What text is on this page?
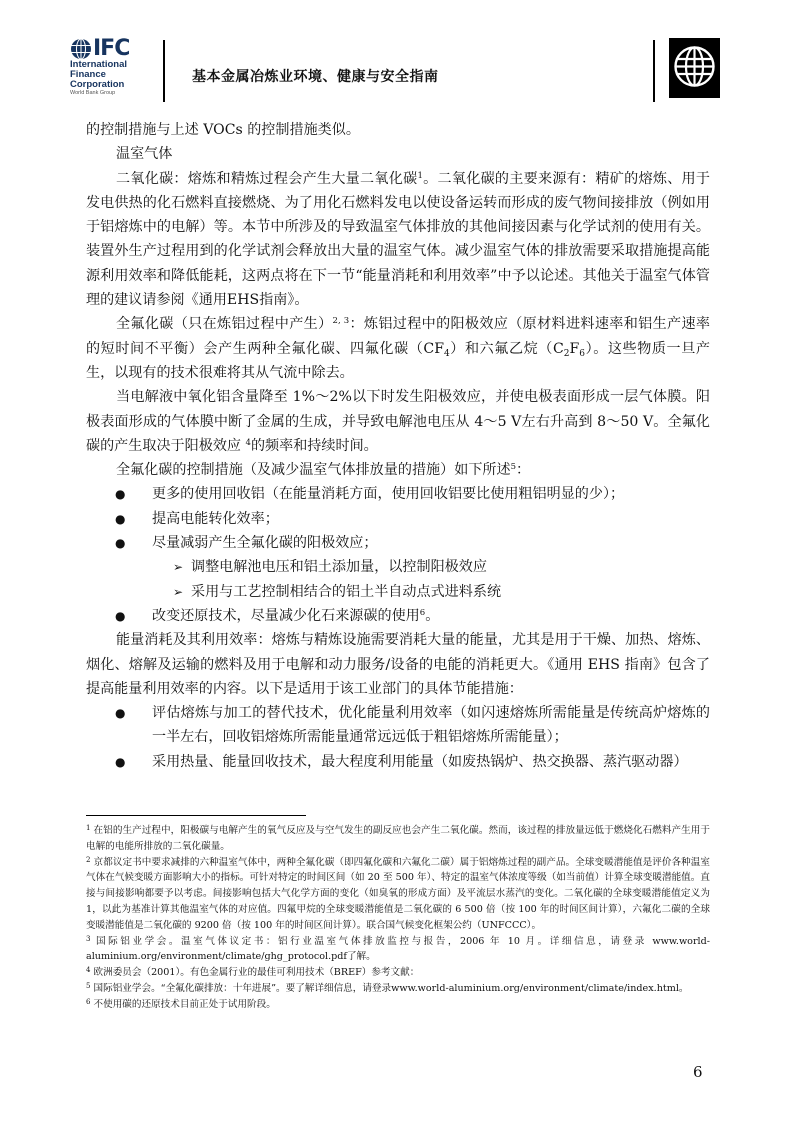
IFC
International
Finance
Corporation
World Bank Group
基本金属冶炼业环境、健康与安全指南

的控制措施与上述 VOCs 的控制措施类似。

温室气体

二氧化碳：熔炼和精炼过程会产生大量二氧化碳$^1$。二氧化碳的主要来源有：精矿的熔炼、用于发电供热的化石燃料直接燃烧、为了用化石燃料发电以使设备运转而形成的废气物间接排放（例如用于铝熔炼中的电解）等。本节中所涉及的导致温室气体排放的其他间接因素与化学试剂的使用有关。装置外生产过程用到的化学试剂会释放出大量的温室气体。减少温室气体的排放需要采取措施提高能源利用效率和降低能耗，这两点将在下一节“能量消耗和利用效率”中予以论述。其他关于温室气体管理的建议请参阅《通用EHS指南》。

全氟化碳（只在炼铝过程中产生）$^{2, 3}$：炼铝过程中的阳极效应（原材料进料速率和铝生产速率的短时间不平衡）会产生两种全氟化碳、四氟化碳$(CF_4)$和六氟乙烷$(C_2F_6)$。这些物质一旦产生，以现有的技术很难将其从气流中除去。

当电解液中氧化铝含量降至 1%～2%以下时发生阳极效应，并使电极表面形成一层气体膜。阳极表面形成的气体膜中断了金属的生成，并导致电解池电压从 4～5 V左右升高到 8～50 V。全氟化碳的产生取决于阳极效应 $^4$的频率和持续时间。

全氟化碳的控制措施（及减少温室气体排放量的措施）如下所述$^5$：

● 更多的使用回收铝（在能量消耗方面，使用回收铝要比使用粗铝明显的少）；
● 提高电能转化效率；
● 尽量减弱产生全氟化碳的阳极效应；
➢ 调整电解池电压和铝土添加量，以控制阳极效应
➢ 采用与工艺控制相结合的铝土半自动点式进料系统
● 改变还原技术，尽量减少化石来源碳的使用$^6$。

能量消耗及其利用效率：熔炼与精炼设施需要消耗大量的能量，尤其是用于干燥、加热、熔炼、烟化、熔解及运输的燃料及用于电解和动力服务/设备的电能的消耗更大。《通用 EHS 指南》包含了提高能量利用效率的内容。以下是适用于该工业部门的具体节能措施：

● 评估熔炼与加工的替代技术，优化能量利用效率（如闪速熔炼所需能量是传统高炉熔炼的一半左右，回收铝熔炼所需能量通常远远低于粗铝熔炼所需能量）；
● 采用热量、能量回收技术，最大程度利用能量（如废热锅炉、热交换器、蒸汽驱动器）

$^1$ 在铝的生产过程中，阳极碳与电解产生的氧气反应及与空气发生的副反应也会产生二氧化碳。然而，该过程的排放量远低于燃烧化石燃料产生用于电解的电能所排放的二氧化碳量。

$^2$ 京都议定书中要求减排的六种温室气体中，两种全氟化碳（即四氟化碳和六氟化二碳）属于铝熔炼过程的副产品。全球变暖潜能值是评价各种温室气体在气候变暖方面影响大小的指标。可针对特定的时间区间（如 20 至 500 年）、特定的温室气体浓度等级（如当前值）计算全球变暖潜能值。直接与间接影响都要予以考虑。间接影响包括大气化学方面的变化（如臭氧的形成方面）及平流层水蒸汽的变化。二氧化碳的全球变暖潜能值定义为 1，以此为基准计算其他温室气体的对应值。四氟甲烷的全球变暖潜能值是二氧化碳的 6 500 倍（按 100 年的时间区间计算），六氟化二碳的全球变暖潜能值是二氧化碳的 9200 倍（按 100 年的时间区间计算）。联合国气候变化框架公约（UNFCCC）。

$^3$ 国际铝业学会。温室气体议定书：铝行业温室气体排放监控与报告，2006 年 10 月。详细信息，请登录 www.world-aluminium.org/environment/climate/ghg_protocol.pdf了解。

$^4$ 欧洲委员会（2001）。有色金属行业的最佳可利用技术（BREF）参考文献：

$^5$ 国际铝业学会。“全氟化碳排放：十年进展”。要了解详细信息，请登录www.world-aluminium.org/environment/climate/index.html。

$^6$ 不使用碳的还原技术目前正处于试用阶段。

6
